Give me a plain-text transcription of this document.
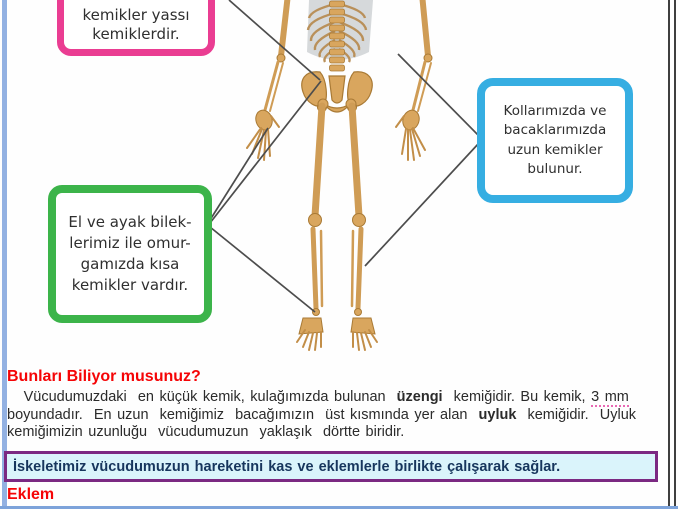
kemikler yassı
kemiklerdir.
Kollarımızda ve
bacaklarımızda
uzun kemikler
bulunur.
El ve ayak bilek-
lerimiz ile omur-
gamızda kısa
kemikler vardır.
Bunları Biliyor musunuz?
Vücudumuzdaki  en küçük kemik, kulağımızda bulunan  üzengi  kemiğidir. Bu kemik, 3 mm
boyundadır.  En uzun  kemiğimiz  bacağımızın  üst kısmında yer alan  uyluk  kemiğidir.  Uyluk
kemiğimizin uzunluğu  vücudumuzun  yaklaşık  dörtte biridir.
İskeletimiz vücudumuzun hareketini kas ve eklemlerle birlikte çalışarak sağlar.
Eklem
